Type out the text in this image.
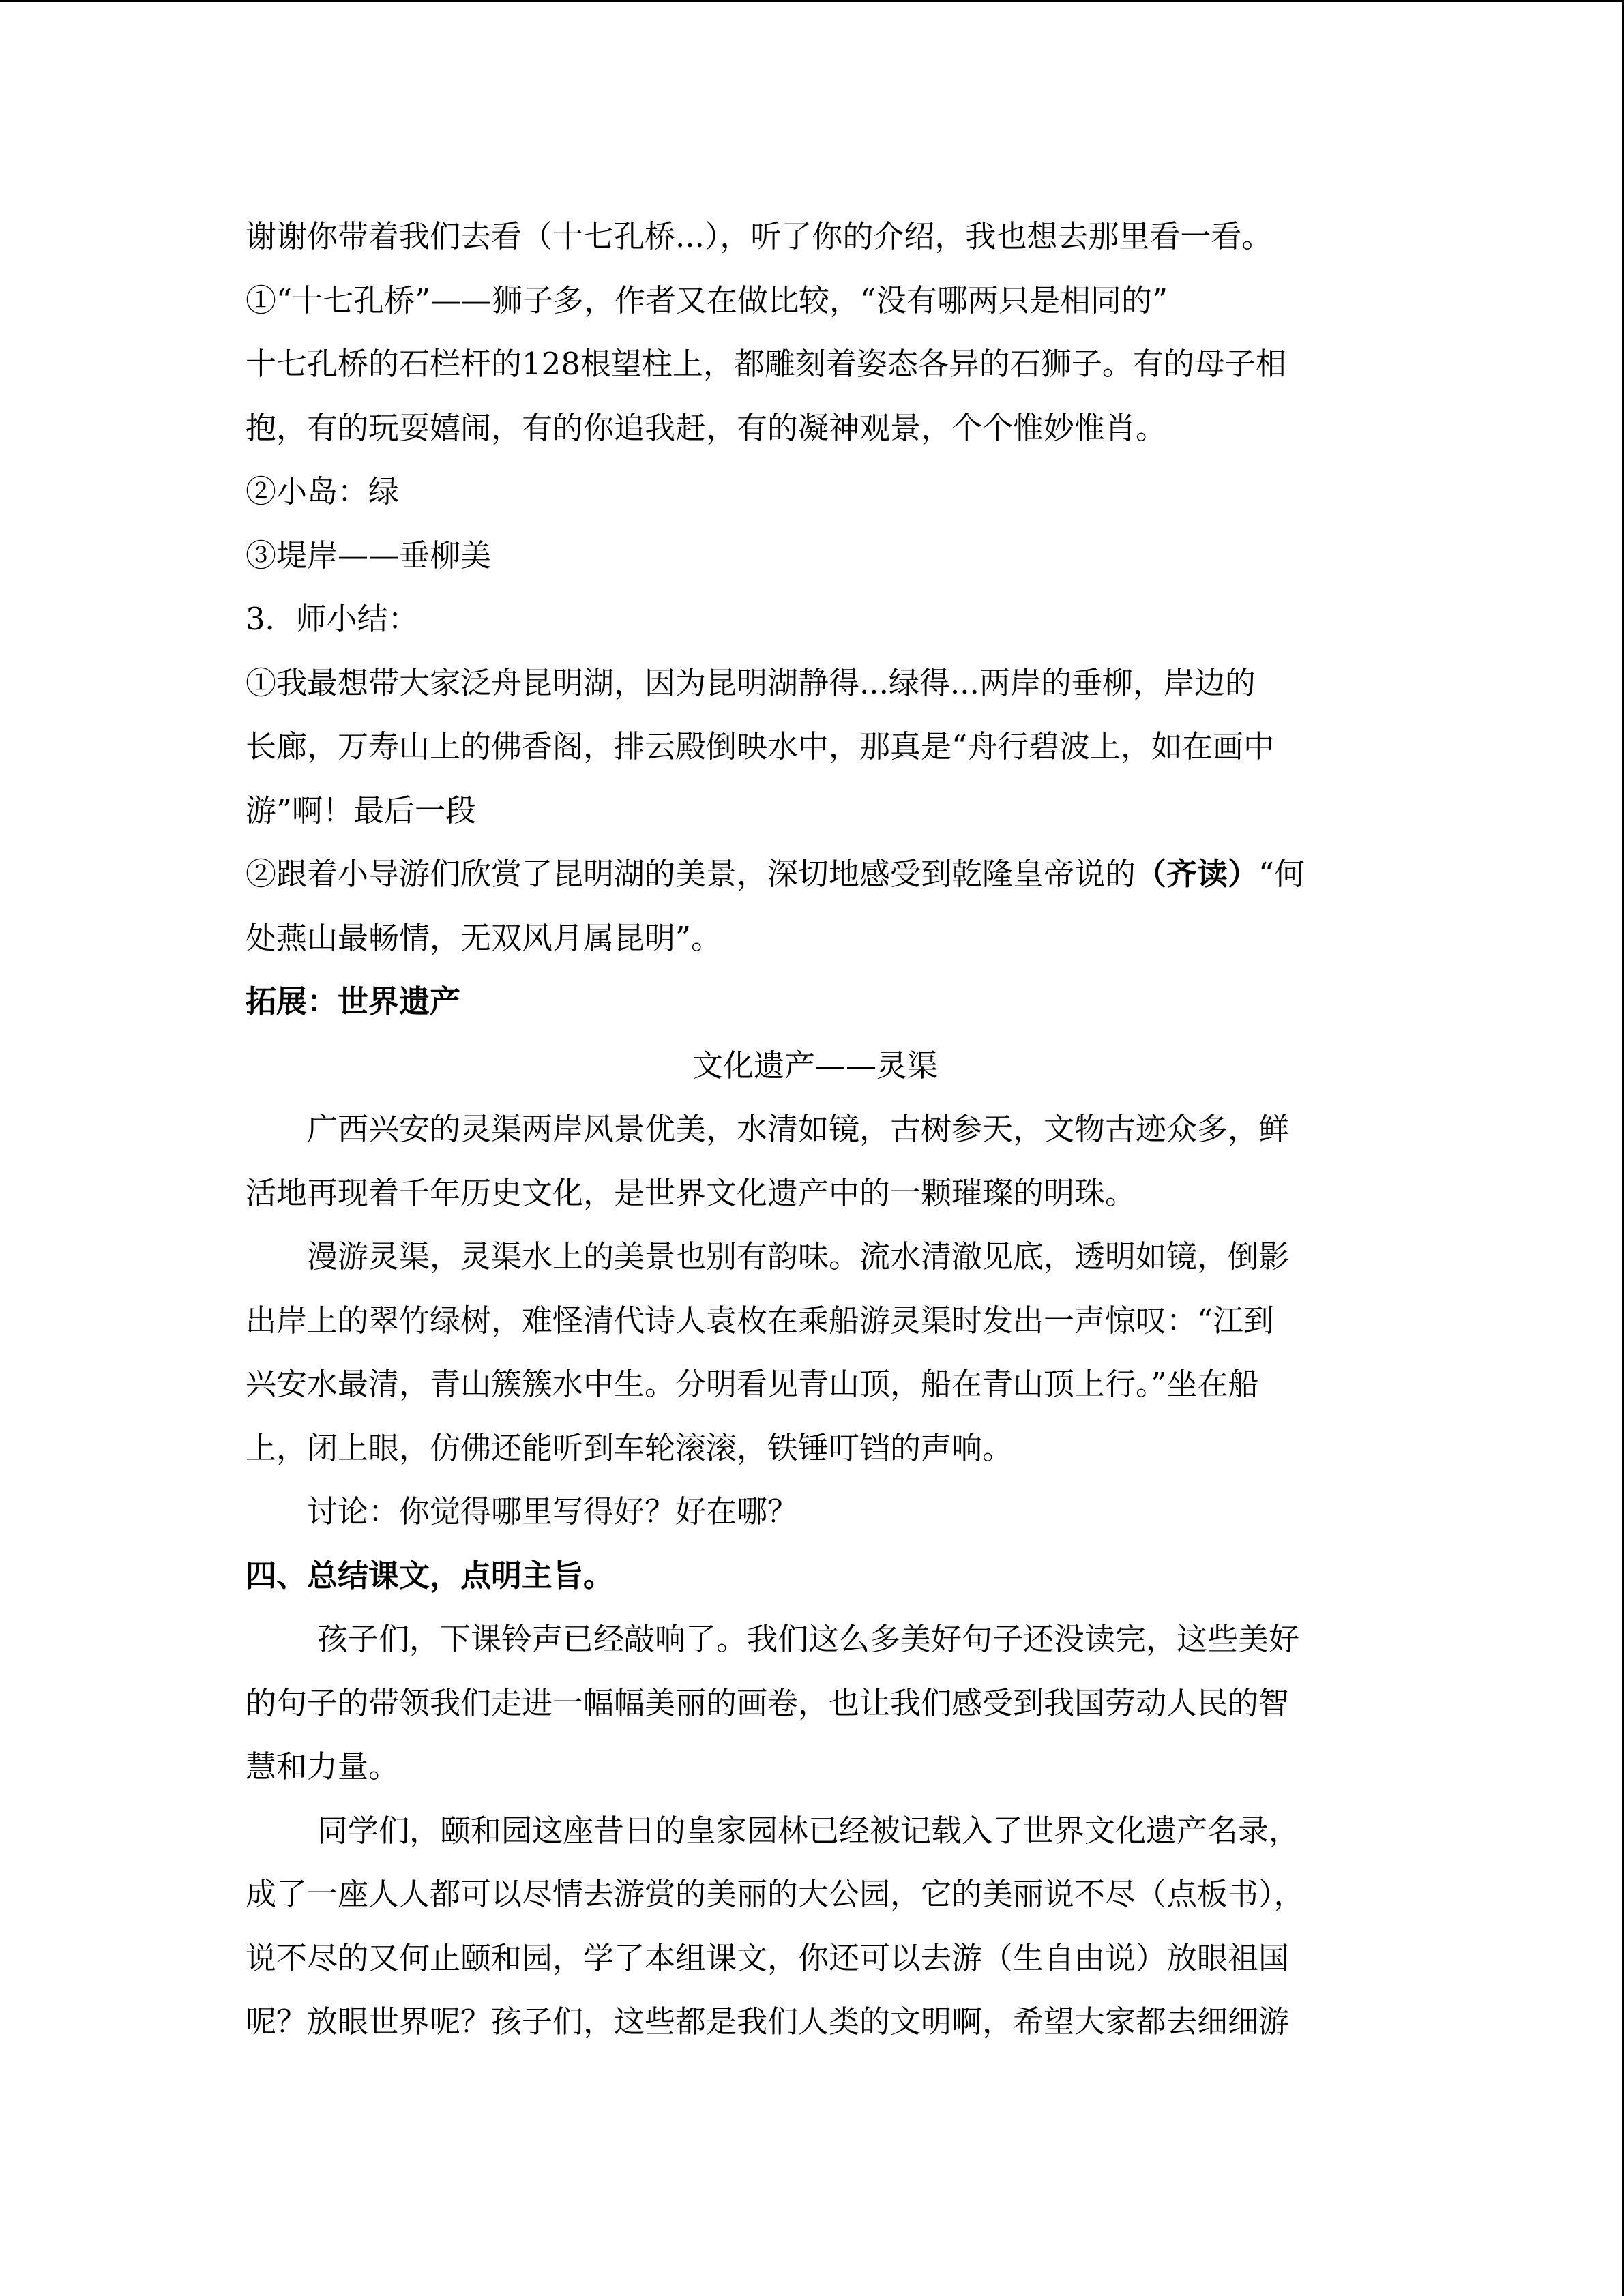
谢谢你带着我们去看（十七孔桥...），听了你的介绍，我也想去那里看一看。
①“十七孔桥”——狮子多，作者又在做比较，“没有哪两只是相同的”
十七孔桥的石栏杆的128根望柱上，都雕刻着姿态各异的石狮子。有的母子相
抱，有的玩耍嬉闹，有的你追我赶，有的凝神观景，个个惟妙惟肖。
②小岛：绿
③堤岸——垂柳美
3．师小结：
①我最想带大家泛舟昆明湖，因为昆明湖静得...绿得...两岸的垂柳，岸边的
长廊，万寿山上的佛香阁，排云殿倒映水中，那真是“舟行碧波上，如在画中
游”啊！最后一段
②跟着小导游们欣赏了昆明湖的美景，深切地感受到乾隆皇帝说的（齐读）“何
处燕山最畅情，无双风月属昆明”。
拓展：世界遗产
文化遗产——灵渠
广西兴安的灵渠两岸风景优美，水清如镜，古树参天，文物古迹众多，鲜
活地再现着千年历史文化，是世界文化遗产中的一颗璀璨的明珠。
漫游灵渠，灵渠水上的美景也别有韵味。流水清澈见底，透明如镜，倒影
出岸上的翠竹绿树，难怪清代诗人袁枚在乘船游灵渠时发出一声惊叹：“江到
兴安水最清，青山簇簇水中生。分明看见青山顶，船在青山顶上行。”坐在船
上，闭上眼，仿佛还能听到车轮滚滚，铁锤叮铛的声响。
讨论：你觉得哪里写得好？好在哪？
四、总结课文，点明主旨。
孩子们，下课铃声已经敲响了。我们这么多美好句子还没读完，这些美好
的句子的带领我们走进一幅幅美丽的画卷，也让我们感受到我国劳动人民的智
慧和力量。
同学们，颐和园这座昔日的皇家园林已经被记载入了世界文化遗产名录，
成了一座人人都可以尽情去游赏的美丽的大公园，它的美丽说不尽（点板书），
说不尽的又何止颐和园，学了本组课文，你还可以去游（生自由说）放眼祖国
呢？放眼世界呢？孩子们，这些都是我们人类的文明啊，希望大家都去细细游
